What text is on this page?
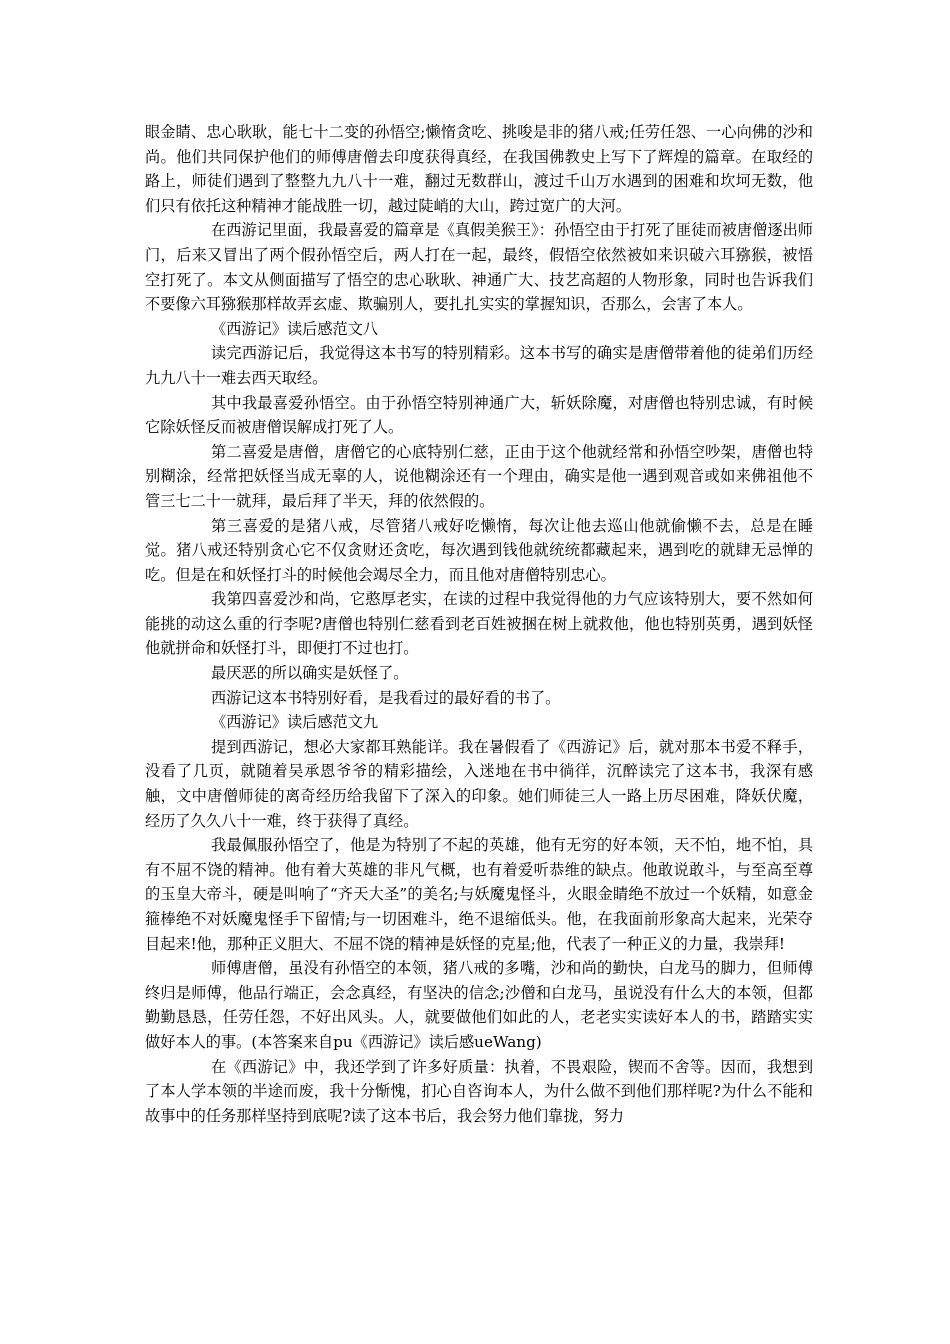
眼金睛、忠心耿耿，能七十二变的孙悟空;懒惰贪吃、挑唆是非的猪八戒;任劳任怨、一心向佛的沙和尚。他们共同保护他们的师傅唐僧去印度获得真经，在我国佛教史上写下了辉煌的篇章。在取经的路上，师徒们遇到了整整九九八十一难，翻过无数群山，渡过千山万水遇到的困难和坎坷无数，他们只有依托这种精神才能战胜一切，越过陡峭的大山，跨过宽广的大河。

在西游记里面，我最喜爱的篇章是《真假美猴王》：孙悟空由于打死了匪徒而被唐僧逐出师门，后来又冒出了两个假孙悟空后，两人打在一起，最终，假悟空依然被如来识破六耳猕猴，被悟空打死了。本文从侧面描写了悟空的忠心耿耿、神通广大、技艺高超的人物形象，同时也告诉我们不要像六耳猕猴那样故弄玄虚、欺骗别人，要扎扎实实的掌握知识，否那么，会害了本人。

《西游记》读后感范文八

读完西游记后，我觉得这本书写的特别精彩。这本书写的确实是唐僧带着他的徒弟们历经九九八十一难去西天取经。

其中我最喜爱孙悟空。由于孙悟空特别神通广大，斩妖除魔，对唐僧也特别忠诚，有时候它除妖怪反而被唐僧误解成打死了人。

第二喜爱是唐僧，唐僧它的心底特别仁慈，正由于这个他就经常和孙悟空吵架，唐僧也特别糊涂，经常把妖怪当成无辜的人，说他糊涂还有一个理由，确实是他一遇到观音或如来佛祖他不管三七二十一就拜，最后拜了半天，拜的依然假的。

第三喜爱的是猪八戒，尽管猪八戒好吃懒惰，每次让他去巡山他就偷懒不去，总是在睡觉。猪八戒还特别贪心它不仅贪财还贪吃，每次遇到钱他就统统都藏起来，遇到吃的就肆无忌惮的吃。但是在和妖怪打斗的时候他会竭尽全力，而且他对唐僧特别忠心。

我第四喜爱沙和尚，它憨厚老实，在读的过程中我觉得他的力气应该特别大，要不然如何能挑的动这么重的行李呢?唐僧也特别仁慈看到老百姓被捆在树上就救他，他也特别英勇，遇到妖怪他就拼命和妖怪打斗，即便打不过也打。

最厌恶的所以确实是妖怪了。

西游记这本书特别好看，是我看过的最好看的书了。

《西游记》读后感范文九

提到西游记，想必大家都耳熟能详。我在暑假看了《西游记》后，就对那本书爱不释手，没看了几页，就随着吴承恩爷爷的精彩描绘，入迷地在书中徜徉，沉醉读完了这本书，我深有感触，文中唐僧师徒的离奇经历给我留下了深入的印象。她们师徒三人一路上历尽困难，降妖伏魔，经历了久久八十一难，终于获得了真经。

我最佩服孙悟空了，他是为特别了不起的英雄，他有无穷的好本领，天不怕，地不怕，具有不屈不饶的精神。他有着大英雄的非凡气概，也有着爱听恭维的缺点。他敢说敢斗，与至高至尊的玉皇大帝斗，硬是叫响了“齐天大圣”的美名;与妖魔鬼怪斗，火眼金睛绝不放过一个妖精，如意金箍棒绝不对妖魔鬼怪手下留情;与一切困难斗，绝不退缩低头。他，在我面前形象高大起来，光荣夺目起来!他，那种正义胆大、不屈不饶的精神是妖怪的克星;他，代表了一种正义的力量，我崇拜!

师傅唐僧，虽没有孙悟空的本领，猪八戒的多嘴，沙和尚的勤快，白龙马的脚力，但师傅终归是师傅，他品行端正，会念真经，有坚决的信念;沙僧和白龙马，虽说没有什么大的本领，但都勤勤恳恳，任劳任怨，不好出风头。人，就要做他们如此的人，老老实实读好本人的书，踏踏实实做好本人的事。(本答案来自pu《西游记》读后感ueWang)

在《西游记》中，我还学到了许多好质量：执着，不畏艰险，锲而不舍等。因而，我想到了本人学本领的半途而废，我十分惭愧，扪心自咨询本人，为什么做不到他们那样呢?为什么不能和故事中的任务那样坚持到底呢?读了这本书后，我会努力他们靠拢，努力
